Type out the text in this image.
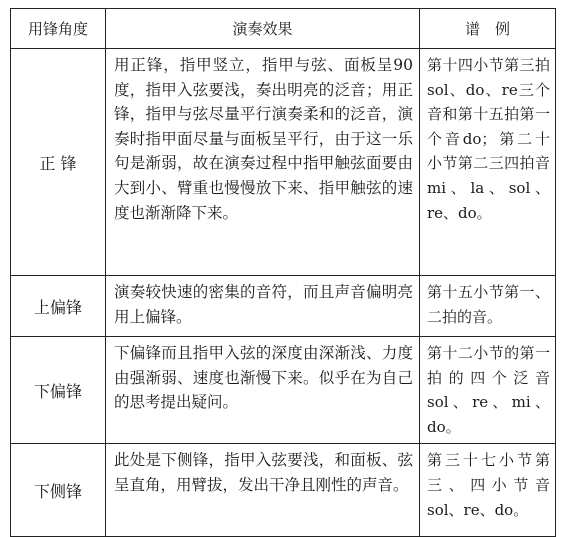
用锋角度	演奏效果	谱　例
正 锋	用正锋，指甲竖立，指甲与弦、面板呈90度，指甲入弦要浅，奏出明亮的泛音；用正锋，指甲与弦尽量平行演奏柔和的泛音，演奏时指甲面尽量与面板呈平行，由于这一乐句是渐弱，故在演奏过程中指甲触弦面要由大到小、臂重也慢慢放下来、指甲触弦的速度也渐渐降下来。	第十四小节第三拍sol、do、re三个音和第十五拍第一个音do；第二十小节第二三四拍音mi、la、sol、re、do。
上偏锋	演奏较快速的密集的音符，而且声音偏明亮用上偏锋。	第十五小节第一、二拍的音。
下偏锋	下偏锋而且指甲入弦的深度由深渐浅、力度由强渐弱、速度也渐慢下来。似乎在为自己的思考提出疑问。	第十二小节的第一拍的四个泛音sol、re、mi、do。
下侧锋	此处是下侧锋，指甲入弦要浅，和面板、弦呈直角，用臂拔，发出干净且刚性的声音。	第三十七小节第三、四小节音sol、re、do。
